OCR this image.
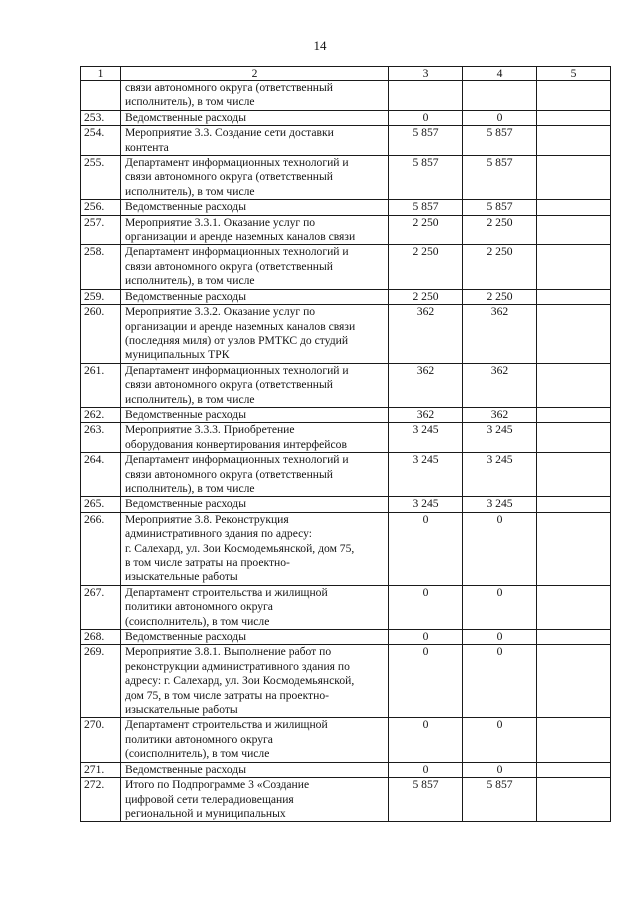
14
1	2	3	4	5

	связи автономного округа (ответственный
исполнитель), в том числе			

253.	Ведомственные расходы	0	0	

254.	Мероприятие 3.3. Создание сети доставки
контента	5 857	5 857	

255.	Департамент информационных технологий и
связи автономного округа (ответственный
исполнитель), в том числе	5 857	5 857	

256.	Ведомственные расходы	5 857	5 857	

257.	Мероприятие 3.3.1. Оказание услуг по
организации и аренде наземных каналов связи	2 250	2 250	

258.	Департамент информационных технологий и
связи автономного округа (ответственный
исполнитель), в том числе	2 250	2 250	

259.	Ведомственные расходы	2 250	2 250	

260.	Мероприятие 3.3.2. Оказание услуг по
организации и аренде наземных каналов связи
(последняя миля) от узлов РМТКС до студий
муниципальных ТРК	362	362	

261.	Департамент информационных технологий и
связи автономного округа (ответственный
исполнитель), в том числе	362	362	

262.	Ведомственные расходы	362	362	

263.	Мероприятие 3.3.3. Приобретение
оборудования конвертирования интерфейсов	3 245	3 245	

264.	Департамент информационных технологий и
связи автономного округа (ответственный
исполнитель), в том числе	3 245	3 245	

265.	Ведомственные расходы	3 245	3 245	

266.	Мероприятие 3.8. Реконструкция
административного здания по адресу:
г. Салехард, ул. Зои Космодемьянской, дом 75,
в том числе затраты на проектно-
изыскательные работы	0	0	

267.	Департамент строительства и жилищной
политики автономного округа
(соисполнитель), в том числе	0	0	

268.	Ведомственные расходы	0	0	

269.	Мероприятие 3.8.1. Выполнение работ по
реконструкции административного здания по
адресу: г. Салехард, ул. Зои Космодемьянской,
дом 75, в том числе затраты на проектно-
изыскательные работы	0	0	

270.	Департамент строительства и жилищной
политики автономного округа
(соисполнитель), в том числе	0	0	

271.	Ведомственные расходы	0	0	

272.	Итого по Подпрограмме 3 «Создание
цифровой сети телерадиовещания
региональной и муниципальных	5 857	5 857	
